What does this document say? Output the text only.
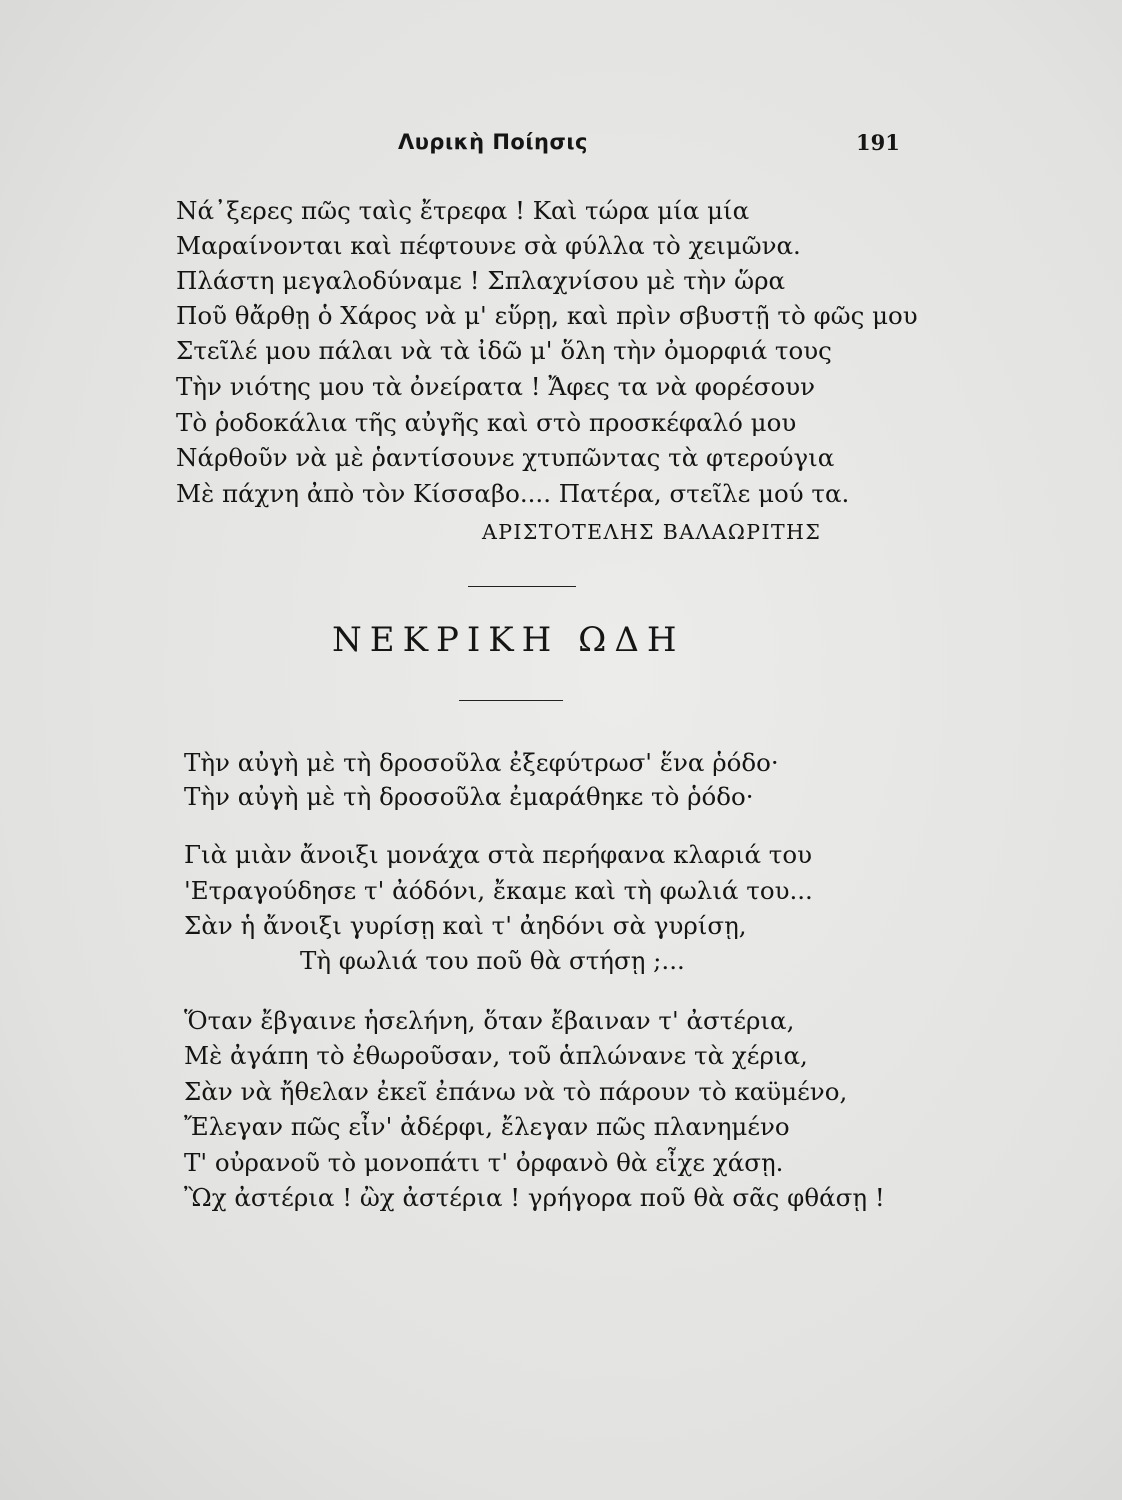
Λυρικὴ Ποίησις	191
Νά᾽ξερες πῶς ταὶς ἔτρεφα ! Καὶ τώρα μία μία
Μαραίνονται καὶ πέφτουνε σὰ φύλλα τὸ χειμῶνα.
Πλάστη μεγαλοδύναμε ! Σπλαχνίσου μὲ τὴν ὥρα
Ποῦ θἄρθῃ ὁ Χάρος νὰ μ' εὕρῃ, καὶ πρὶν σβυστῇ τὸ φῶς μου
Στεῖλέ μου πάλαι νὰ τὰ ἰδῶ μ' ὅλη τὴν ὀμορφιά τους
Τὴν νιότης μου τὰ ὀνείρατα ! Ἄφες τα νὰ φορέσουν
Τὸ ῥοδοκάλια τῆς αὐγῆς καὶ στὸ προσκέφαλό μου
Νάρθοῦν νὰ μὲ ῥαντίσουνε χτυπῶντας τὰ φτερούγια
Μὲ πάχνη ἀπὸ τὸν Κίσσαβο.... Πατέρα, στεῖλε μού τα.
ΑΡΙΣΤΟΤΕΛΗΣ ΒΑΛΑΩΡΙΤΗΣ
ΝΕΚΡΙΚΗ ΩΔΗ
Τὴν αὐγὴ μὲ τὴ δροσοῦλα ἐξεφύτρωσ' ἕνα ῥόδο·
Τὴν αὐγὴ μὲ τὴ δροσοῦλα ἐμαράθηκε τὸ ῥόδο·
Γιὰ μιὰν ἄνοιξι μονάχα στὰ περήφανα κλαριά του
'Ετραγούδησε τ' ἀόδόνι, ἔκαμε καὶ τὴ φωλιά του...
Σὰν ἡ ἄνοιξι γυρίσῃ καὶ τ' ἀηδόνι σὰ γυρίσῃ,
Τὴ φωλιά του ποῦ θὰ στήσῃ ;...
Ὅταν ἔβγαινε ἡσελήνη, ὅταν ἔβαιναν τ' ἀστέρια,
Μὲ ἀγάπη τὸ ἐθωροῦσαν, τοῦ ἁπλώνανε τὰ χέρια,
Σὰν νὰ ἤθελαν ἐκεῖ ἐπάνω νὰ τὸ πάρουν τὸ καϋμένο,
Ἔλεγαν πῶς εἶν' ἀδέρφι, ἔλεγαν πῶς πλανημένο
Τ' οὐρανοῦ τὸ μονοπάτι τ' ὀρφανὸ θὰ εἶχε χάσῃ.
Ὢχ ἀστέρια ! ὢχ ἀστέρια ! γρήγορα ποῦ θὰ σᾶς φθάσῃ !
